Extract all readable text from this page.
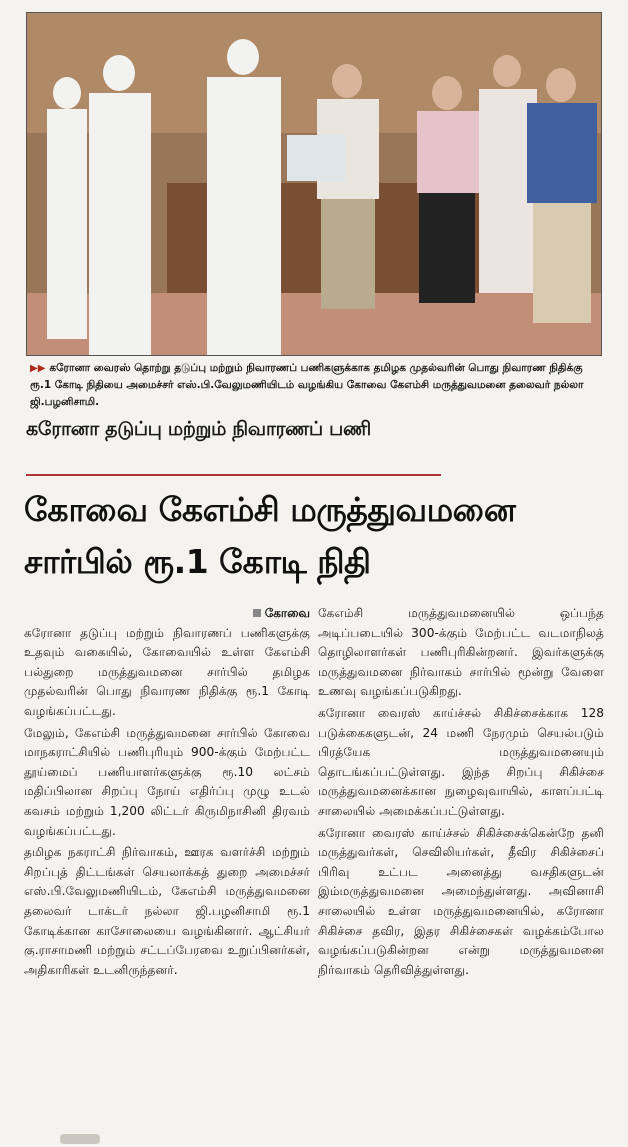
▶▶ கரோனா வைரஸ் தொற்று தடுப்பு மற்றும் நிவாரணப் பணிகளுக்காக தமிழக முதல்வரின் பொது நிவாரண நிதிக்கு ரூ.1 கோடி நிதியை அமைச்சர் எஸ்.பி.வேலுமணியிடம் வழங்கிய கோவை கேஎம்சி மருத்துவமனை தலைவர் நல்லா ஜி.பழனிசாமி.
கரோனா தடுப்பு மற்றும் நிவாரணப் பணி
கோவை கேஎம்சி மருத்துவமனை
சார்பில் ரூ.1 கோடி நிதி
கோவை

கரோனா தடுப்பு மற்றும் நிவாரணப் பணிகளுக்கு உதவும் வகையில், கோவையில் உள்ள கேஎம்சி பல்துறை மருத்துவமனை சார்பில் தமிழக முதல்வரின் பொது நிவாரண நிதிக்கு ரூ.1 கோடி வழங்கப்பட்டது.

மேலும், கேஎம்சி மருத்துவமனை சார்பில் கோவை மாநகராட்சியில் பணிபுரியும் 900-க்கும் மேற்பட்ட தூய்மைப் பணியாளர்களுக்கு ரூ.10 லட்சம் மதிப்பிலான சிறப்பு நோய் எதிர்ப்பு முழு உடல் கவசம் மற்றும் 1,200 லிட்டர் கிருமிநாசினி திரவம் வழங்கப்பட்டது.

தமிழக நகராட்சி நிர்வாகம், ஊரக வளர்ச்சி மற்றும் சிறப்புத் திட்டங்கள் செயலாக்கத் துறை அமைச்சர் எஸ்.பி.வேலுமணியிடம், கேஎம்சி மருத்துவமனை தலைவர் டாக்டர் நல்லா ஜி.பழனிசாமி ரூ.1 கோடிக்கான காசோலையை வழங்கினார். ஆட்சியர் கு.ராசாமணி மற்றும் சட்டப்பேரவை உறுப்பினர்கள், அதிகாரிகள் உடனிருந்தனர்.

கேஎம்சி மருத்துவமனையில் ஒப்பந்த அடிப்படையில் 300-க்கும் மேற்பட்ட வடமாநிலத் தொழிலாளர்கள் பணிபுரிகின்றனர். இவர்களுக்கு மருத்துவமனை நிர்வாகம் சார்பில் மூன்று வேளை உணவு வழங்கப்படுகிறது.

கரோனா வைரஸ் காய்ச்சல் சிகிச்சைக்காக 128 படுக்கைகளுடன், 24 மணி நேரமும் செயல்படும் பிரத்யேக மருத்துவமனையும் தொடங்கப்பட்டுள்ளது. இந்த சிறப்பு சிகிச்சை மருத்துவமனைக்கான நுழைவுவாயில், காளப்பட்டி சாலையில் அமைக்கப்பட்டுள்ளது.

கரோனா வைரஸ் காய்ச்சல் சிகிச்சைக்கென்றே தனி மருத்துவர்கள், செவிலியர்கள், தீவிர சிகிச்சைப் பிரிவு உட்பட அனைத்து வசதிகளுடன் இம்மருத்துவமனை அமைந்துள்ளது. அவினாசி சாலையில் உள்ள மருத்துவமனையில், கரோனா சிகிச்சை தவிர, இதர சிகிச்சைகள் வழக்கம்போல வழங்கப்படுகின்றன என்று மருத்துவமனை நிர்வாகம் தெரிவித்துள்ளது.
